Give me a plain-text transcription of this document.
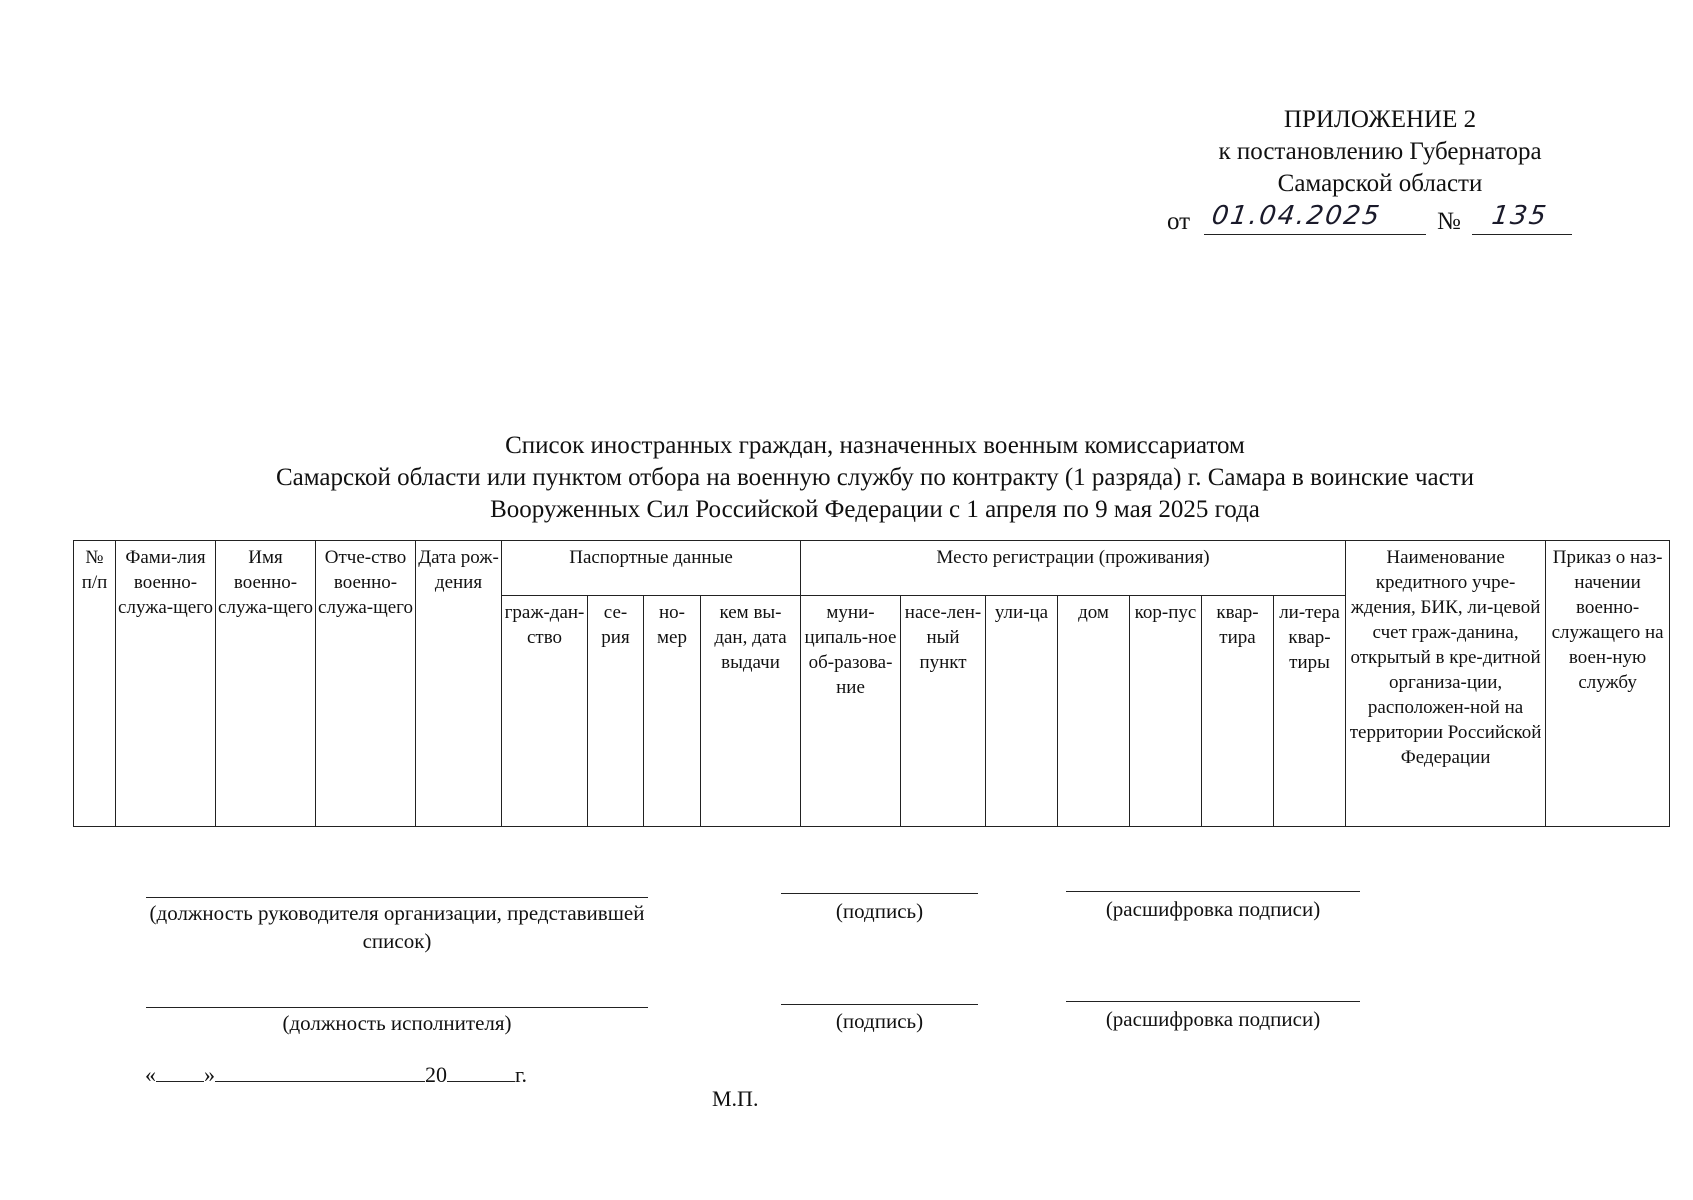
ПРИЛОЖЕНИЕ 2
к постановлению Губернатора
Самарской области
от 01.04.2025 № 135
Список иностранных граждан, назначенных военным комиссариатом
Самарской области или пунктом отбора на военную службу по контракту (1 разряда) г. Самара в воинские части
Вооруженных Сил Российской Федерации с 1 апреля по 9 мая 2025 года
№ п/п	Фами-лия военно-служа-щего	Имя военно-служа-щего	Отче-ство военно-служа-щего	Дата рож-дения	Паспортные данные				Место регистрации (проживания)							Наименование кредитного учре-ждения, БИК, ли-цевой счет граж-данина, открытый в кре-дитной организа-ции, расположен-ной на территории Российской Федерации	Приказ о наз-начении военно-служащего на воен-ную службу
					граж-дан-ство	се-рия	но-мер	кем вы-дан, дата выдачи	муни-ципаль-ное об-разова-ние	насе-лен-ный пункт	ули-ца	дом	кор-пус	квар-тира	ли-тера квар-тиры		
(должность руководителя организации, представившей список)
(подпись)	(расшифровка подписи)
(должность исполнителя)	(подпись)	(расшифровка подписи)
« »	20	г.
М.П.
